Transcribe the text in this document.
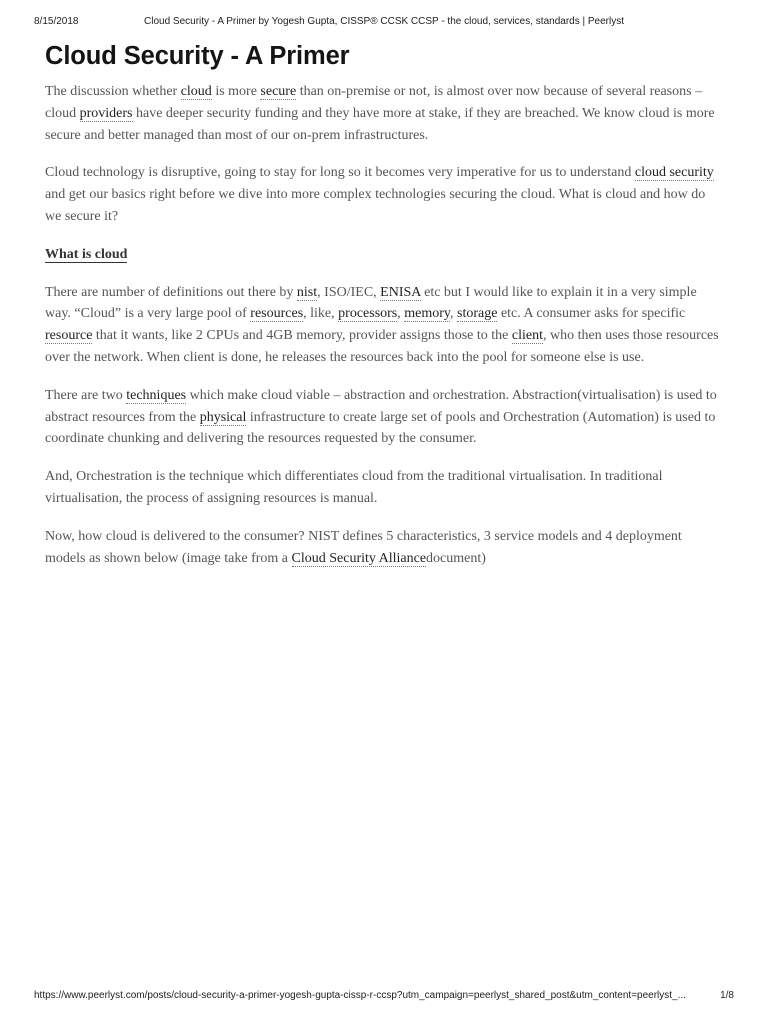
8/15/2018	Cloud Security - A Primer by Yogesh Gupta, CISSP® CCSK CCSP - the cloud, services, standards | Peerlyst
Cloud Security - A Primer

The discussion whether cloud is more secure than on-premise or not, is almost over now because of several reasons – cloud providers have deeper security funding and they have more at stake, if they are breached. We know cloud is more secure and better managed than most of our on-prem infrastructures.

Cloud technology is disruptive, going to stay for long so it becomes very imperative for us to understand cloud security and get our basics right before we dive into more complex technologies securing the cloud. What is cloud and how do we secure it?

What is cloud

There are number of definitions out there by nist, ISO/IEC, ENISA etc but I would like to explain it in a very simple way. “Cloud” is a very large pool of resources, like, processors, memory, storage etc. A consumer asks for specific resource that it wants, like 2 CPUs and 4GB memory, provider assigns those to the client, who then uses those resources over the network. When client is done, he releases the resources back into the pool for someone else is use.

There are two techniques which make cloud viable – abstraction and orchestration. Abstraction(virtualisation) is used to abstract resources from the physical infrastructure to create large set of pools and Orchestration (Automation) is used to coordinate chunking and delivering the resources requested by the consumer.

And, Orchestration is the technique which differentiates cloud from the traditional virtualisation. In traditional virtualisation, the process of assigning resources is manual.

Now, how cloud is delivered to the consumer? NIST defines 5 characteristics, 3 service models and 4 deployment models as shown below (image take from a Cloud Security Alliancedocument)

https://www.peerlyst.com/posts/cloud-security-a-primer-yogesh-gupta-cissp-r-ccsp?utm_campaign=peerlyst_shared_post&utm_content=peerlyst_...	1/8
